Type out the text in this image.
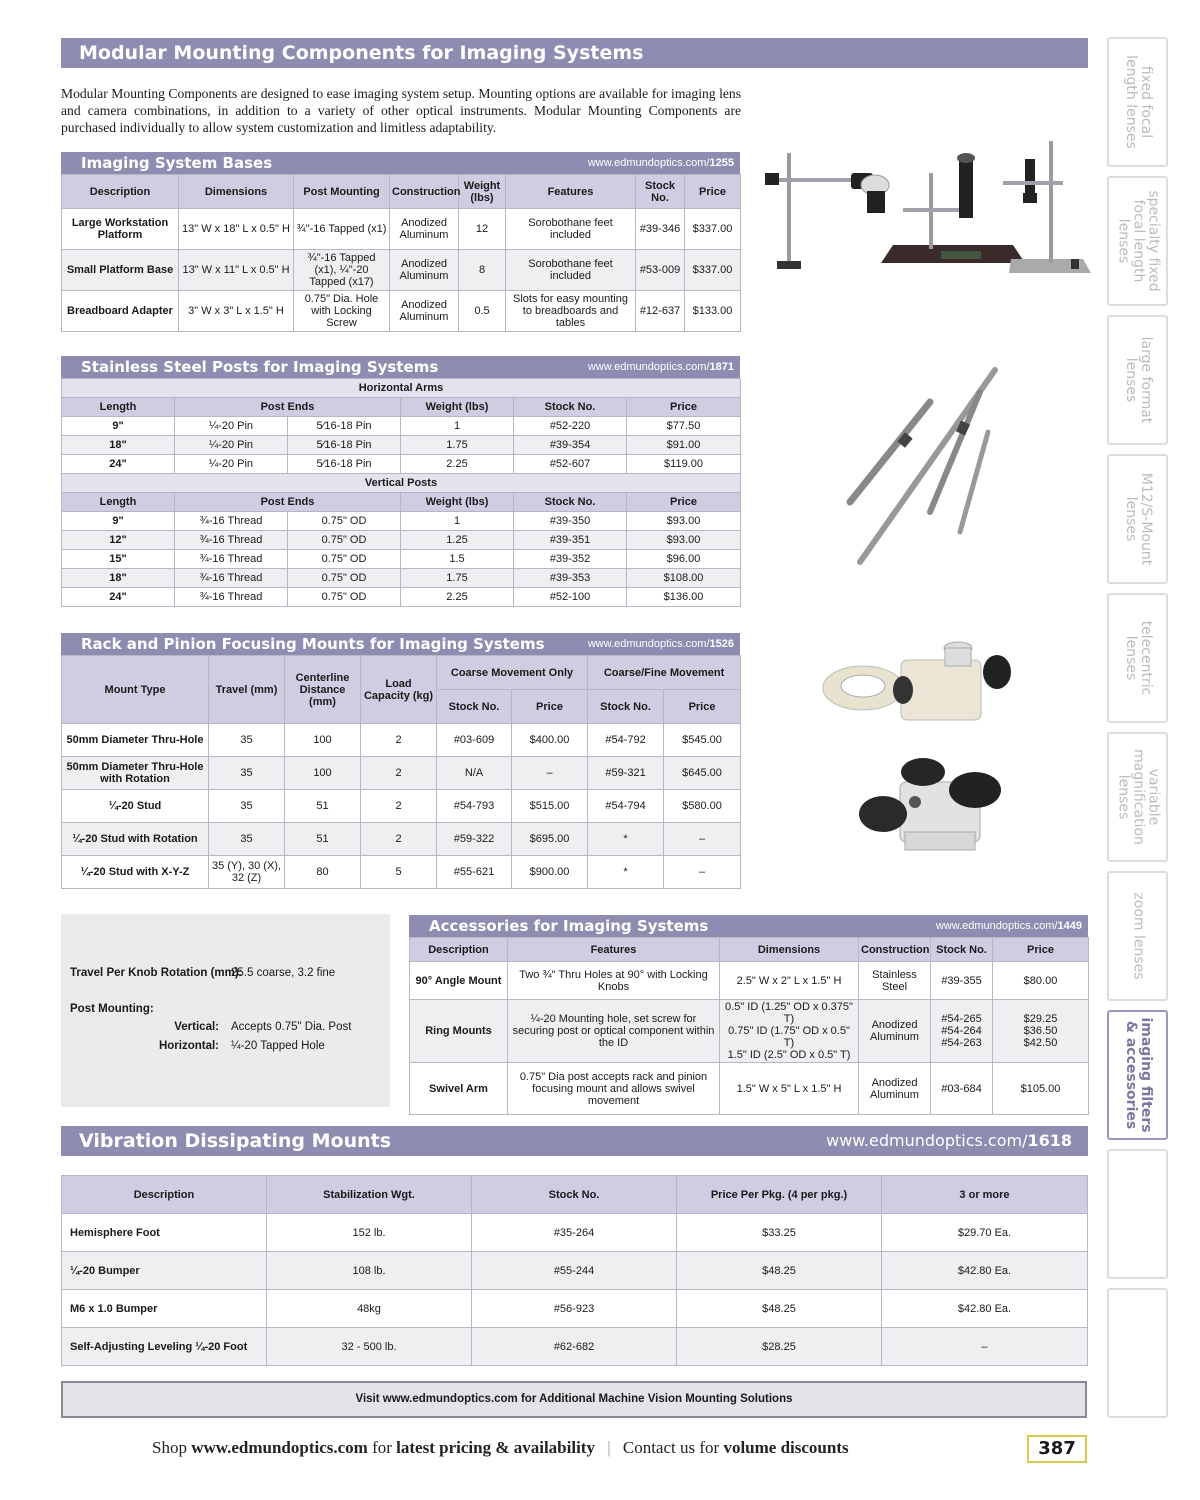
Modular Mounting Components for Imaging Systems
Modular Mounting Components are designed to ease imaging system setup. Mounting options are available for imaging lens and camera combinations, in addition to a variety of other optical instruments. Modular Mounting Components are purchased individually to allow system customization and limitless adaptability.
Imaging System Bases	www.edmundoptics.com/1255
Description	Dimensions	Post Mounting	Construction	Weight (lbs)	Features	Stock No.	Price
Large Workstation Platform	13" W x 18" L x 0.5" H	¾"-16 Tapped (x1)	Anodized Aluminum	12	Sorobothane feet included	#39-346	$337.00
Small Platform Base	13" W x 11" L x 0.5" H	¾"-16 Tapped (x1), ¼"-20 Tapped (x17)	Anodized Aluminum	8	Sorobothane feet included	#53-009	$337.00
Breadboard Adapter	3" W x 3" L x 1.5" H	0.75" Dia. Hole with Locking Screw	Anodized Aluminum	0.5	Slots for easy mounting to breadboards and tables	#12-637	$133.00
Stainless Steel Posts for Imaging Systems	www.edmundoptics.com/1871
Horizontal Arms					
Length	Post Ends		Weight (lbs)	Stock No.	Price
9"	¼-20 Pin	5⁄16-18 Pin	1	#52-220	$77.50
18"	¼-20 Pin	5⁄16-18 Pin	1.75	#39-354	$91.00
24"	¼-20 Pin	5⁄16-18 Pin	2.25	#52-607	$119.00
Vertical Posts					
Length	Post Ends		Weight (lbs)	Stock No.	Price
9"	¾-16 Thread	0.75" OD	1	#39-350	$93.00
12"	¾-16 Thread	0.75" OD	1.25	#39-351	$93.00
15"	¾-16 Thread	0.75" OD	1.5	#39-352	$96.00
18"	¾-16 Thread	0.75" OD	1.75	#39-353	$108.00
24"	¾-16 Thread	0.75" OD	2.25	#52-100	$136.00
Rack and Pinion Focusing Mounts for Imaging Systems	www.edmundoptics.com/1526
Mount Type	Travel (mm)	Centerline Distance (mm)	Load Capacity (kg)	Coarse Movement Only		Coarse/Fine Movement	
				Stock No.	Price	Stock No.	Price
50mm Diameter Thru-Hole	35	100	2	#03-609	$400.00	#54-792	$545.00
50mm Diameter Thru-Hole with Rotation	35	100	2	N/A	–	#59-321	$645.00
¼-20 Stud	35	51	2	#54-793	$515.00	#54-794	$580.00
¼-20 Stud with Rotation	35	51	2	#59-322	$695.00	*	–
¼-20 Stud with X-Y-Z	35 (Y), 30 (X), 32 (Z)	80	5	#55-621	$900.00	*	–
Travel Per Knob Rotation (mm):
25.5 coarse, 3.2 fine
Post Mounting:
Vertical: Accepts 0.75" Dia. Post
Horizontal: ¼-20 Tapped Hole
Accessories for Imaging Systems	www.edmundoptics.com/1449
Description	Features	Dimensions	Construction	Stock No.	Price
90° Angle Mount	Two ¾" Thru Holes at 90° with Locking Knobs	2.5" W x 2" L x 1.5" H	Stainless Steel	#39-355	$80.00
Ring Mounts	¼-20 Mounting hole, set screw for securing post or optical component within the ID	0.5" ID (1.25" OD x 0.375" T)
0.75" ID (1.75" OD x 0.5" T)
1.5" ID (2.5" OD x 0.5" T)	Anodized Aluminum	#54-265
#54-264
#54-263	$29.25
$36.50
$42.50
Swivel Arm	0.75" Dia post accepts rack and pinion focusing mount and allows swivel movement	1.5" W x 5" L x 1.5" H	Anodized Aluminum	#03-684	$105.00
Vibration Dissipating Mounts	www.edmundoptics.com/1618
Description	Stabilization Wgt.	Stock No.	Price Per Pkg. (4 per pkg.)	3 or more
Hemisphere Foot	152 lb.	#35-264	$33.25	$29.70 Ea.
¼-20 Bumper	108 lb.	#55-244	$48.25	$42.80 Ea.
M6 x 1.0 Bumper	48kg	#56-923	$48.25	$42.80 Ea.
Self-Adjusting Leveling ¼-20 Foot	32 - 500 lb.	#62-682	$28.25	–
Visit www.edmundoptics.com for Additional Machine Vision Mounting Solutions
fixed focal length lenses
specialty fixed focal length lenses
large format lenses
M12/S-Mount lenses
telecentric lenses
variable magnification lenses
zoom lenses
imaging filters & accessories
Shop www.edmundoptics.com for latest pricing & availability | Contact us for volume discounts	387
